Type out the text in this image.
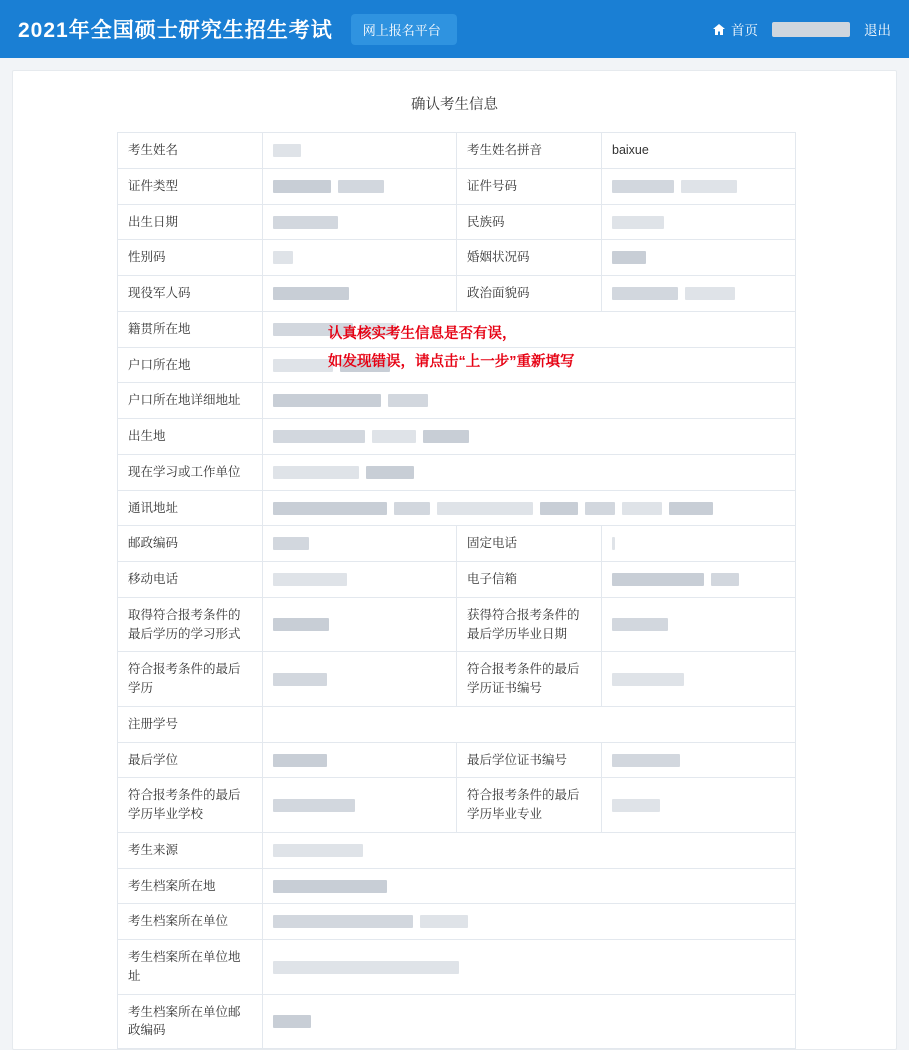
2021年全国硕士研究生招生考试	网上报名平台	首页	退出
确认考生信息
考生姓名		考生姓名拼音	baixue
证件类型		证件号码	
出生日期		民族码	
性别码		婚姻状况码	
现役军人码		政治面貌码	
籍贯所在地			
户口所在地			
户口所在地详细地址			
出生地			
现在学习或工作单位			
通讯地址			
邮政编码		固定电话	
移动电话		电子信箱	
取得符合报考条件的最后学历的学习形式		获得符合报考条件的最后学历毕业日期	
符合报考条件的最后学历		符合报考条件的最后学历证书编号	
注册学号			
最后学位		最后学位证书编号	
符合报考条件的最后学历毕业学校		符合报考条件的最后学历毕业专业	
考生来源			
考生档案所在地			
考生档案所在单位			
考生档案所在单位地址			
考生档案所在单位邮政编码			
认真核实考生信息是否有误，
如发现错误，请点击“上一步”重新填写
